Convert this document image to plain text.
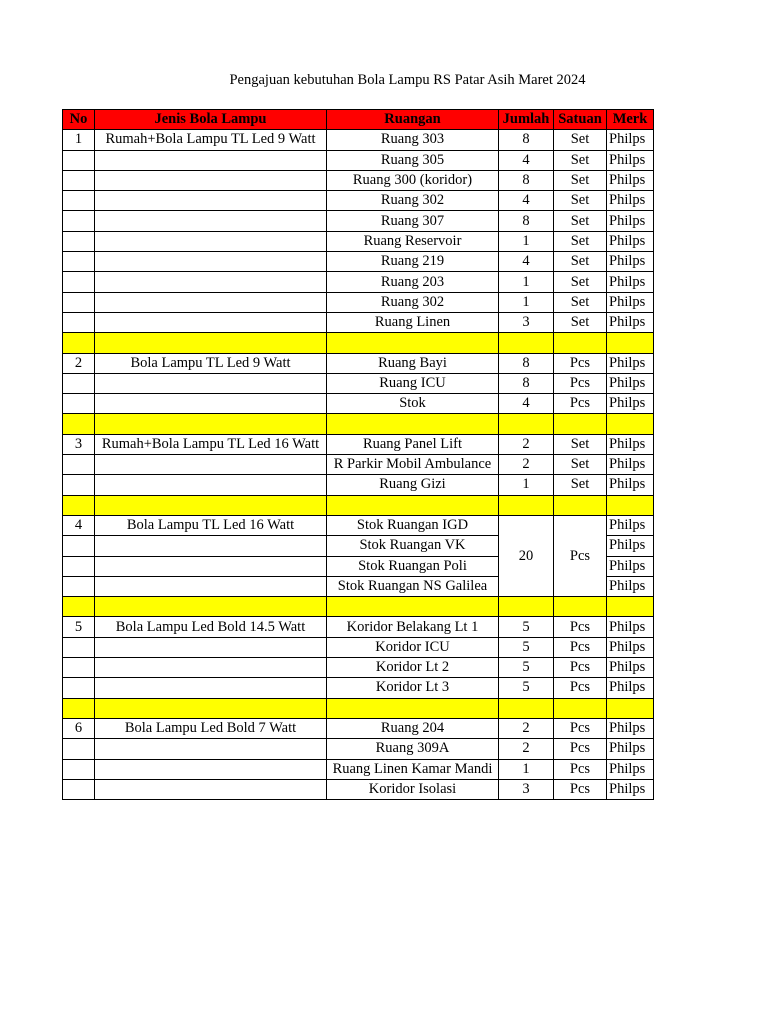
Pengajuan kebutuhan Bola Lampu RS Patar Asih Maret 2024
No	Jenis Bola Lampu	Ruangan	Jumlah	Satuan	Merk
1	Rumah+Bola Lampu TL Led 9 Watt	Ruang 303	8	Set	Philps
		Ruang 305	4	Set	Philps
		Ruang 300 (koridor)	8	Set	Philps
		Ruang 302	4	Set	Philps
		Ruang 307	8	Set	Philps
		Ruang Reservoir	1	Set	Philps
		Ruang 219	4	Set	Philps
		Ruang 203	1	Set	Philps
		Ruang 302	1	Set	Philps
		Ruang Linen	3	Set	Philps

2	Bola Lampu TL Led 9 Watt	Ruang Bayi	8	Pcs	Philps
		Ruang ICU	8	Pcs	Philps
		Stok	4	Pcs	Philps

3	Rumah+Bola Lampu TL Led 16 Watt	Ruang Panel Lift	2	Set	Philps
		R Parkir Mobil Ambulance	2	Set	Philps
		Ruang Gizi	1	Set	Philps

4	Bola Lampu TL Led 16 Watt	Stok Ruangan IGD	20	Pcs	Philps
		Stok Ruangan VK			Philps
		Stok Ruangan Poli			Philps
		Stok Ruangan NS Galilea			Philps

5	Bola Lampu Led Bold 14.5 Watt	Koridor Belakang Lt 1	5	Pcs	Philps
		Koridor ICU	5	Pcs	Philps
		Koridor Lt 2	5	Pcs	Philps
		Koridor Lt 3	5	Pcs	Philps

6	Bola Lampu Led Bold 7 Watt	Ruang 204	2	Pcs	Philps
		Ruang 309A	2	Pcs	Philps
		Ruang Linen Kamar Mandi	1	Pcs	Philps
		Koridor Isolasi	3	Pcs	Philps
